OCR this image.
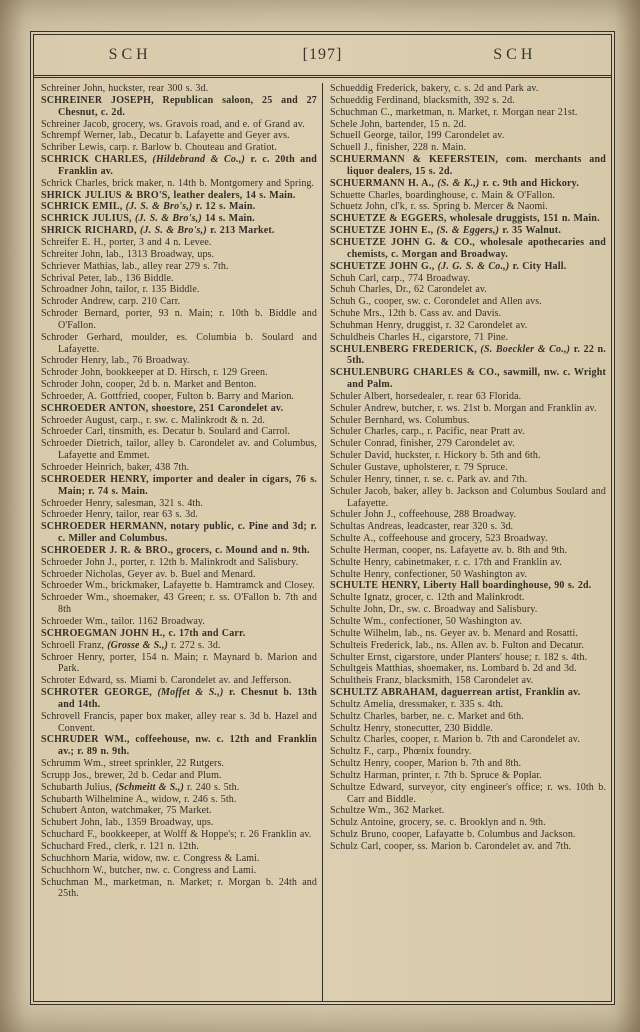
SCH	[197]	SCH
Schreiner John, huckster, rear 300 s. 3d.
SCHREINER JOSEPH, Republican saloon, 25 and 27 Chesnut, c. 2d.
Schreiner Jacob, grocery, ws. Gravois road, and e. of Grand av.
Schrempf Werner, lab., Decatur b. Lafayette and Geyer avs.
Schriber Lewis, carp. r. Barlow b. Chouteau and Gratiot.
SCHRICK CHARLES, (Hildebrand & Co.,) r. c. 20th and Franklin av.
Schrick Charles, brick maker, n. 14th b. Montgomery and Spring.
SHRICK JULIUS & BRO'S, leather dealers, 14 s. Main.
SCHRICK EMIL, (J. S. & Bro's,) r. 12 s. Main.
SCHRICK JULIUS, (J. S. & Bro's,) 14 s. Main.
SHRICK RICHARD, (J. S. & Bro's,) r. 213 Market.
Schreifer E. H., porter, 3 and 4 n. Levee.
Schreiter John, lab., 1313 Broadway, ups.
Schriever Mathias, lab., alley rear 279 s. 7th.
Schrival Peter, lab., 136 Biddle.
Schroadner John, tailor, r. 135 Biddle.
Schroder Andrew, carp. 210 Carr.
Schroder Bernard, porter, 93 n. Main; r. 10th b. Biddle and O'Fallon.
Schroder Gerhard, moulder, es. Columbia b. Soulard and Lafayette.
Schroder Henry, lab., 76 Broadway.
Schroder John, bookkeeper at D. Hirsch, r. 129 Green.
Schroder John, cooper, 2d b. n. Market and Benton.
Schroeder, A. Gottfried, cooper, Fulton b. Barry and Marion.
SCHROEDER ANTON, shoestore, 251 Carondelet av.
Schroeder August, carp., r. sw. c. Malinkrodt & n. 2d.
Schroeder Carl, tinsmith, es. Decatur b. Soulard and Carrol.
Schroeder Dietrich, tailor, alley b. Carondelet av. and Columbus, Lafayette and Emmet.
Schroeder Heinrich, baker, 438 7th.
SCHROEDER HENRY, importer and dealer in cigars, 76 s. Main; r. 74 s. Main.
Schroeder Henry, salesman, 321 s. 4th.
Schroeder Henry, tailor, rear 63 s. 3d.
SCHROEDER HERMANN, notary public, c. Pine and 3d; r. c. Miller and Columbus.
SCHROEDER J. R. & BRO., grocers, c. Mound and n. 9th.
Schroeder John J., porter, r. 12th b. Malinkrodt and Salisbury.
Schroeder Nicholas, Geyer av. b. Buel and Menard.
Schroeder Wm., brickmaker, Lafayette b. Hamtramck and Closey.
Schroeder Wm., shoemaker, 43 Green; r. ss. O'Fallon b. 7th and 8th
Schroeder Wm., tailor. 1162 Broadway.
SCHROEGMAN JOHN H., c. 17th and Carr.
Schroell Franz, (Grosse & S.,) r. 272 s. 3d.
Schroer Henry, porter, 154 n. Main; r. Maynard b. Marion and Park.
Schroter Edward, ss. Miami b. Carondelet av. and Jefferson.
SCHROTER GEORGE, (Moffet & S.,) r. Chesnut b. 13th and 14th.
Schrovell Francis, paper box maker, alley rear s. 3d b. Hazel and Convent.
SCHRUDER WM., coffeehouse, nw. c. 12th and Franklin av.; r. 89 n. 9th.
Schrumm Wm., street sprinkler, 22 Rutgers.
Scrupp Jos., brewer, 2d b. Cedar and Plum.
Schubarth Julius, (Schmeitt & S.,) r. 240 s. 5th.
Schubarth Wilhelmine A., widow, r. 246 s. 5th.
Schubert Anton, watchmaker, 75 Market.
Schubert John, lab., 1359 Broadway, ups.
Schuchard F., bookkeeper, at Wolff & Hoppe's; r. 26 Franklin av.
Schuchard Fred., clerk, r. 121 n. 12th.
Schuchhorn Maria, widow, nw. c. Congress & Lami.
Schuchhorn W., butcher, nw. c. Congress and Lami.
Schuchman M., marketman, n. Market; r. Morgan b. 24th and 25th.
Schueddig Frederick, bakery, c. s. 2d and Park av.
Schueddig Ferdinand, blacksmith, 392 s. 2d.
Schuchman C., marketman, n. Market, r. Morgan near 21st.
Schele John, bartender, 15 n. 2d.
Schuell George, tailor, 199 Carondelet av.
Schuell J., finisher, 228 n. Main.
SCHUERMANN & KEFERSTEIN, com. merchants and liquor dealers, 15 s. 2d.
SCHUERMANN H. A., (S. & K.,) r. c. 9th and Hickory.
Schuette Charles, boardinghouse, c. Main & O'Fallon.
Schuetz John, cl'k, r. ss. Spring b. Mercer & Naomi.
SCHUETZE & EGGERS, wholesale druggists, 151 n. Main.
SCHUETZE JOHN E., (S. & Eggers,) r. 35 Walnut.
SCHUETZE JOHN G. & CO., wholesale apothecaries and chemists, c. Morgan and Broadway.
SCHUETZE JOHN G., (J. G. S. & Co.,) r. City Hall.
Schuh Carl, carp., 774 Broadway.
Schuh Charles, Dr., 62 Carondelet av.
Schuh G., cooper, sw. c. Corondelet and Allen avs.
Schuhe Mrs., 12th b. Cass av. and Davis.
Schuhman Henry, druggist, r. 32 Carondelet av.
Schuldheis Charles H., cigarstore, 71 Pine.
SCHULENBERG FREDERICK, (S. Boeckler & Co.,) r. 22 n. 5th.
SCHULENBURG CHARLES & CO., sawmill, nw. c. Wright and Palm.
Schuler Albert, horsedealer, r. rear 63 Florida.
Schuler Andrew, butcher, r. ws. 21st b. Morgan and Franklin av.
Schuler Bernhard, ws. Columbus.
Schuler Charles, carp., r. Pacific, near Pratt av.
Schuler Conrad, finisher, 279 Carondelet av.
Schuler David, huckster, r. Hickory b. 5th and 6th.
Schuler Gustave, upholsterer, r. 79 Spruce.
Schuler Henry, tinner, r. se. c. Park av. and 7th.
Schuler Jacob, baker, alley b. Jackson and Columbus Soulard and Lafayette.
Schuler John J., coffeehouse, 288 Broadway.
Schultas Andreas, leadcaster, rear 320 s. 3d.
Schulte A., coffeehouse and grocery, 523 Broadway.
Schulte Herman, cooper, ns. Lafayette av. b. 8th and 9th.
Schulte Henry, cabinetmaker, r. c. 17th and Franklin av.
Schulte Henry, confectioner, 50 Washington av.
SCHULTE HENRY, Liberty Hall boardinghouse, 90 s. 2d.
Schulte Ignatz, grocer, c. 12th and Malinkrodt.
Schulte John, Dr., sw. c. Broadway and Salisbury.
Schulte Wm., confectioner, 50 Washington av.
Schulte Wilhelm, lab., ns. Geyer av. b. Menard and Rosatti.
Schulteis Frederick, lab., ns. Allen av. b. Fulton and Decatur.
Schulter Ernst, cigarstore, under Planters' house; r. 182 s. 4th.
Schultgeis Matthias, shoemaker, ns. Lombard b. 2d and 3d.
Schultheis Franz, blacksmith, 158 Carondelet av.
SCHULTZ ABRAHAM, daguerrean artist, Franklin av.
Schultz Amelia, dressmaker, r. 335 s. 4th.
Schultz Charles, barber, ne. c. Market and 6th.
Schultz Henry, stonecutter, 230 Biddle.
Schultz Charles, cooper, r. Marion b. 7th and Carondelet av.
Schultz F., carp., Phœnix foundry.
Schultz Henry, cooper, Marion b. 7th and 8th.
Schultz Harman, printer, r. 7th b. Spruce & Poplar.
Schultze Edward, surveyor, city engineer's office; r. ws. 10th b. Carr and Biddle.
Schultze Wm., 362 Market.
Schulz Antoine, grocery, se. c. Brooklyn and n. 9th.
Schulz Bruno, cooper, Lafayatte b. Columbus and Jackson.
Schulz Carl, cooper, ss. Marion b. Carondelet av. and 7th.
